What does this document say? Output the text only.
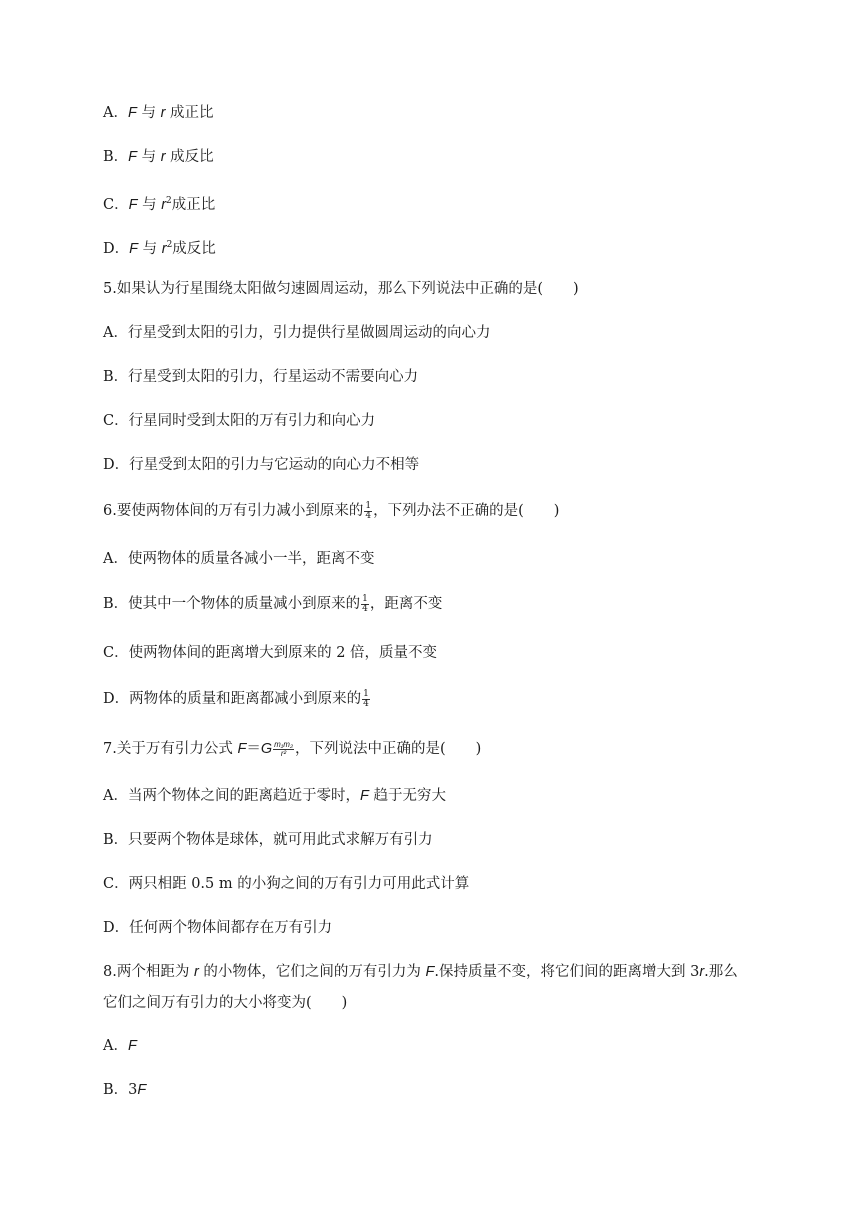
A．F 与 r 成正比
B．F 与 r 成反比
C．F 与 $r^2$成正比
D．F 与 $r^2$成反比
5.如果认为行星围绕太阳做匀速圆周运动，那么下列说法中正确的是( )
A．行星受到太阳的引力，引力提供行星做圆周运动的向心力
B．行星受到太阳的引力，行星运动不需要向心力
C．行星同时受到太阳的万有引力和向心力
D．行星受到太阳的引力与它运动的向心力不相等
6.要使两物体间的万有引力减小到原来的 $\frac{1}{4}$ ，下列办法不正确的是( )
A．使两物体的质量各减小一半，距离不变
B．使其中一个物体的质量减小到原来的 $\frac{1}{4}$ ，距离不变
C．使两物体间的距离增大到原来的 2 倍，质量不变
D．两物体的质量和距离都减小到原来的 $\frac{1}{4}$
7.关于万有引力公式 $F=G \frac{\text{m₁m₂}}{\text{r²}}$ ，下列说法中正确的是( )
A．当两个物体之间的距离趋近于零时，F 趋于无穷大
B．只要两个物体是球体，就可用此式求解万有引力
C．两只相距 0.5 m 的小狗之间的万有引力可用此式计算
D．任何两个物体间都存在万有引力
8.两个相距为 r 的小物体，它们之间的万有引力为 F.保持质量不变，将它们间的距离增大到 3r.那么
它们之间万有引力的大小将变为( )
A．F
B．3F
